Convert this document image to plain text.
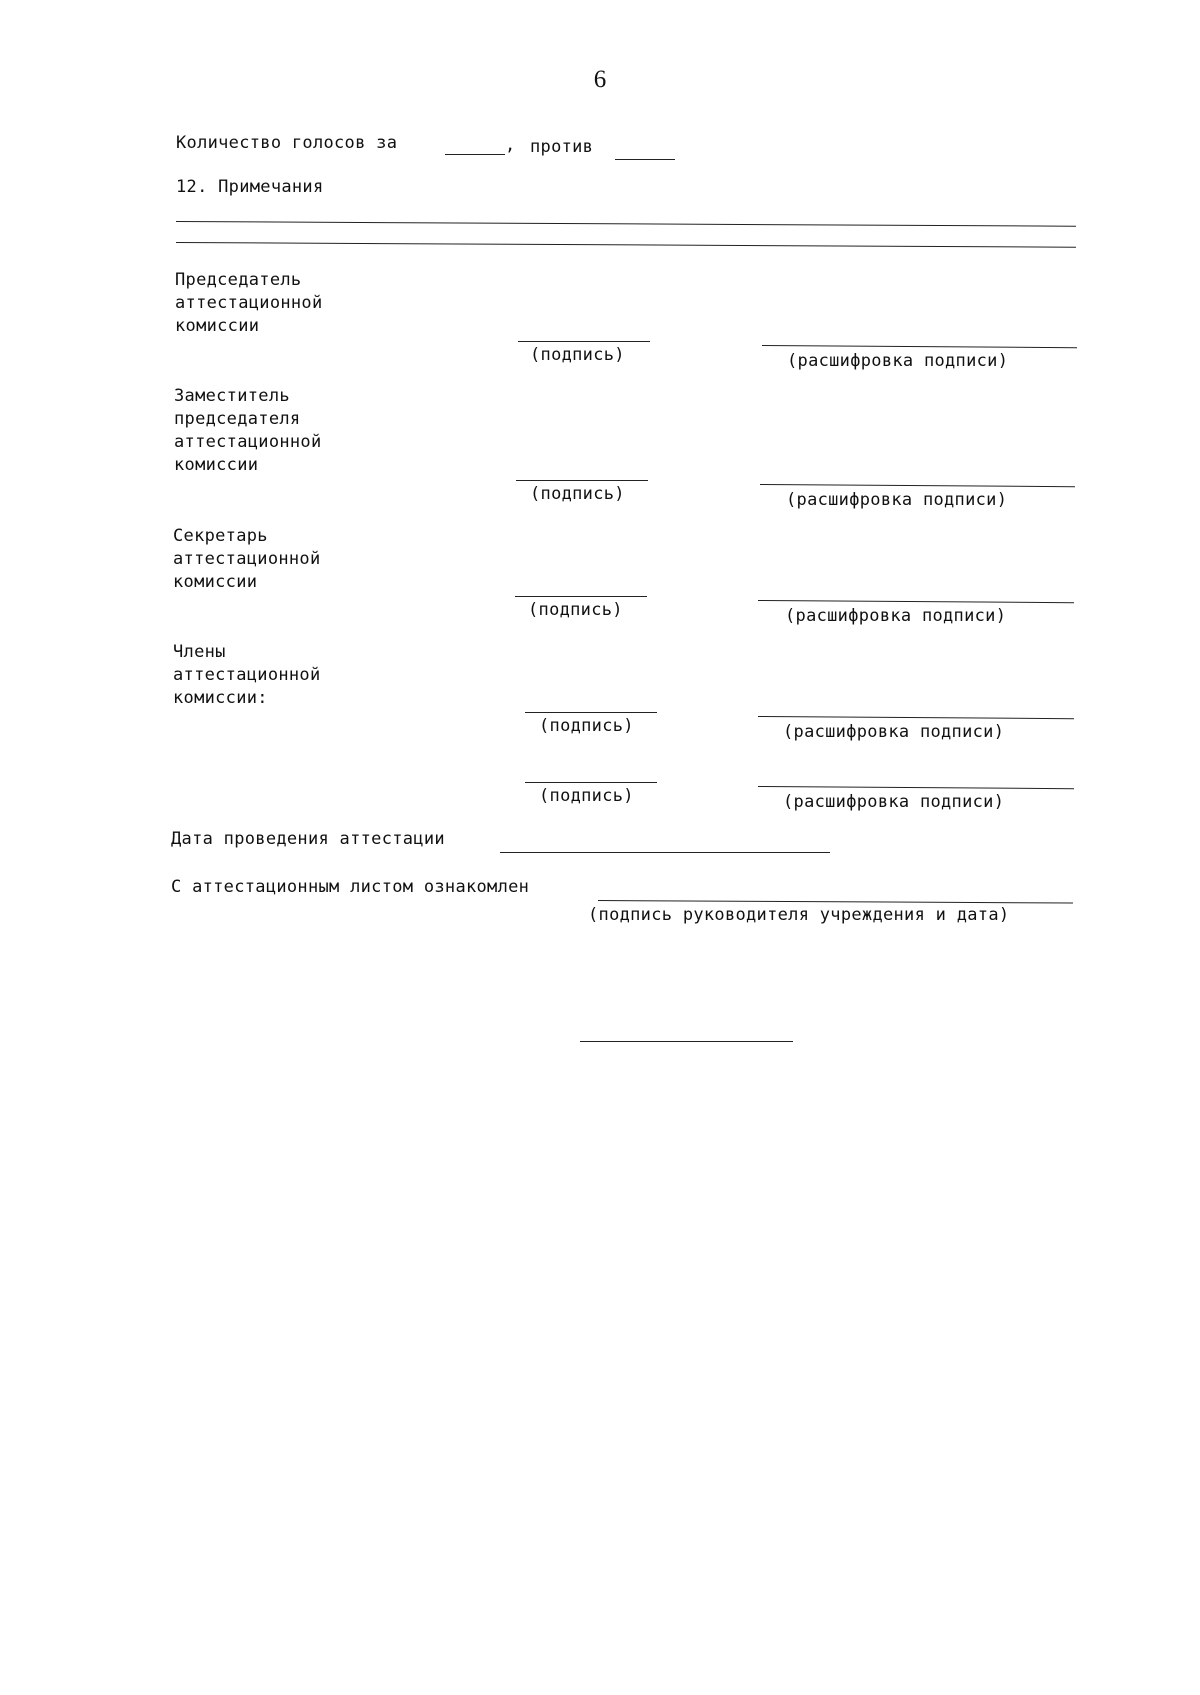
6
Количество голосов за	, против
12. Примечания
Председатель
аттестационной
комиссии
(подпись)	(расшифровка подписи)
Заместитель
председателя
аттестационной
комиссии
(подпись)	(расшифровка подписи)
Секретарь
аттестационной
комиссии
(подпись)	(расшифровка подписи)
Члены
аттестационной
комиссии:
(подпись)	(расшифровка подписи)
(подпись)	(расшифровка подписи)
Дата проведения аттестации
С аттестационным листом ознакомлен
(подпись руководителя учреждения и дата)
